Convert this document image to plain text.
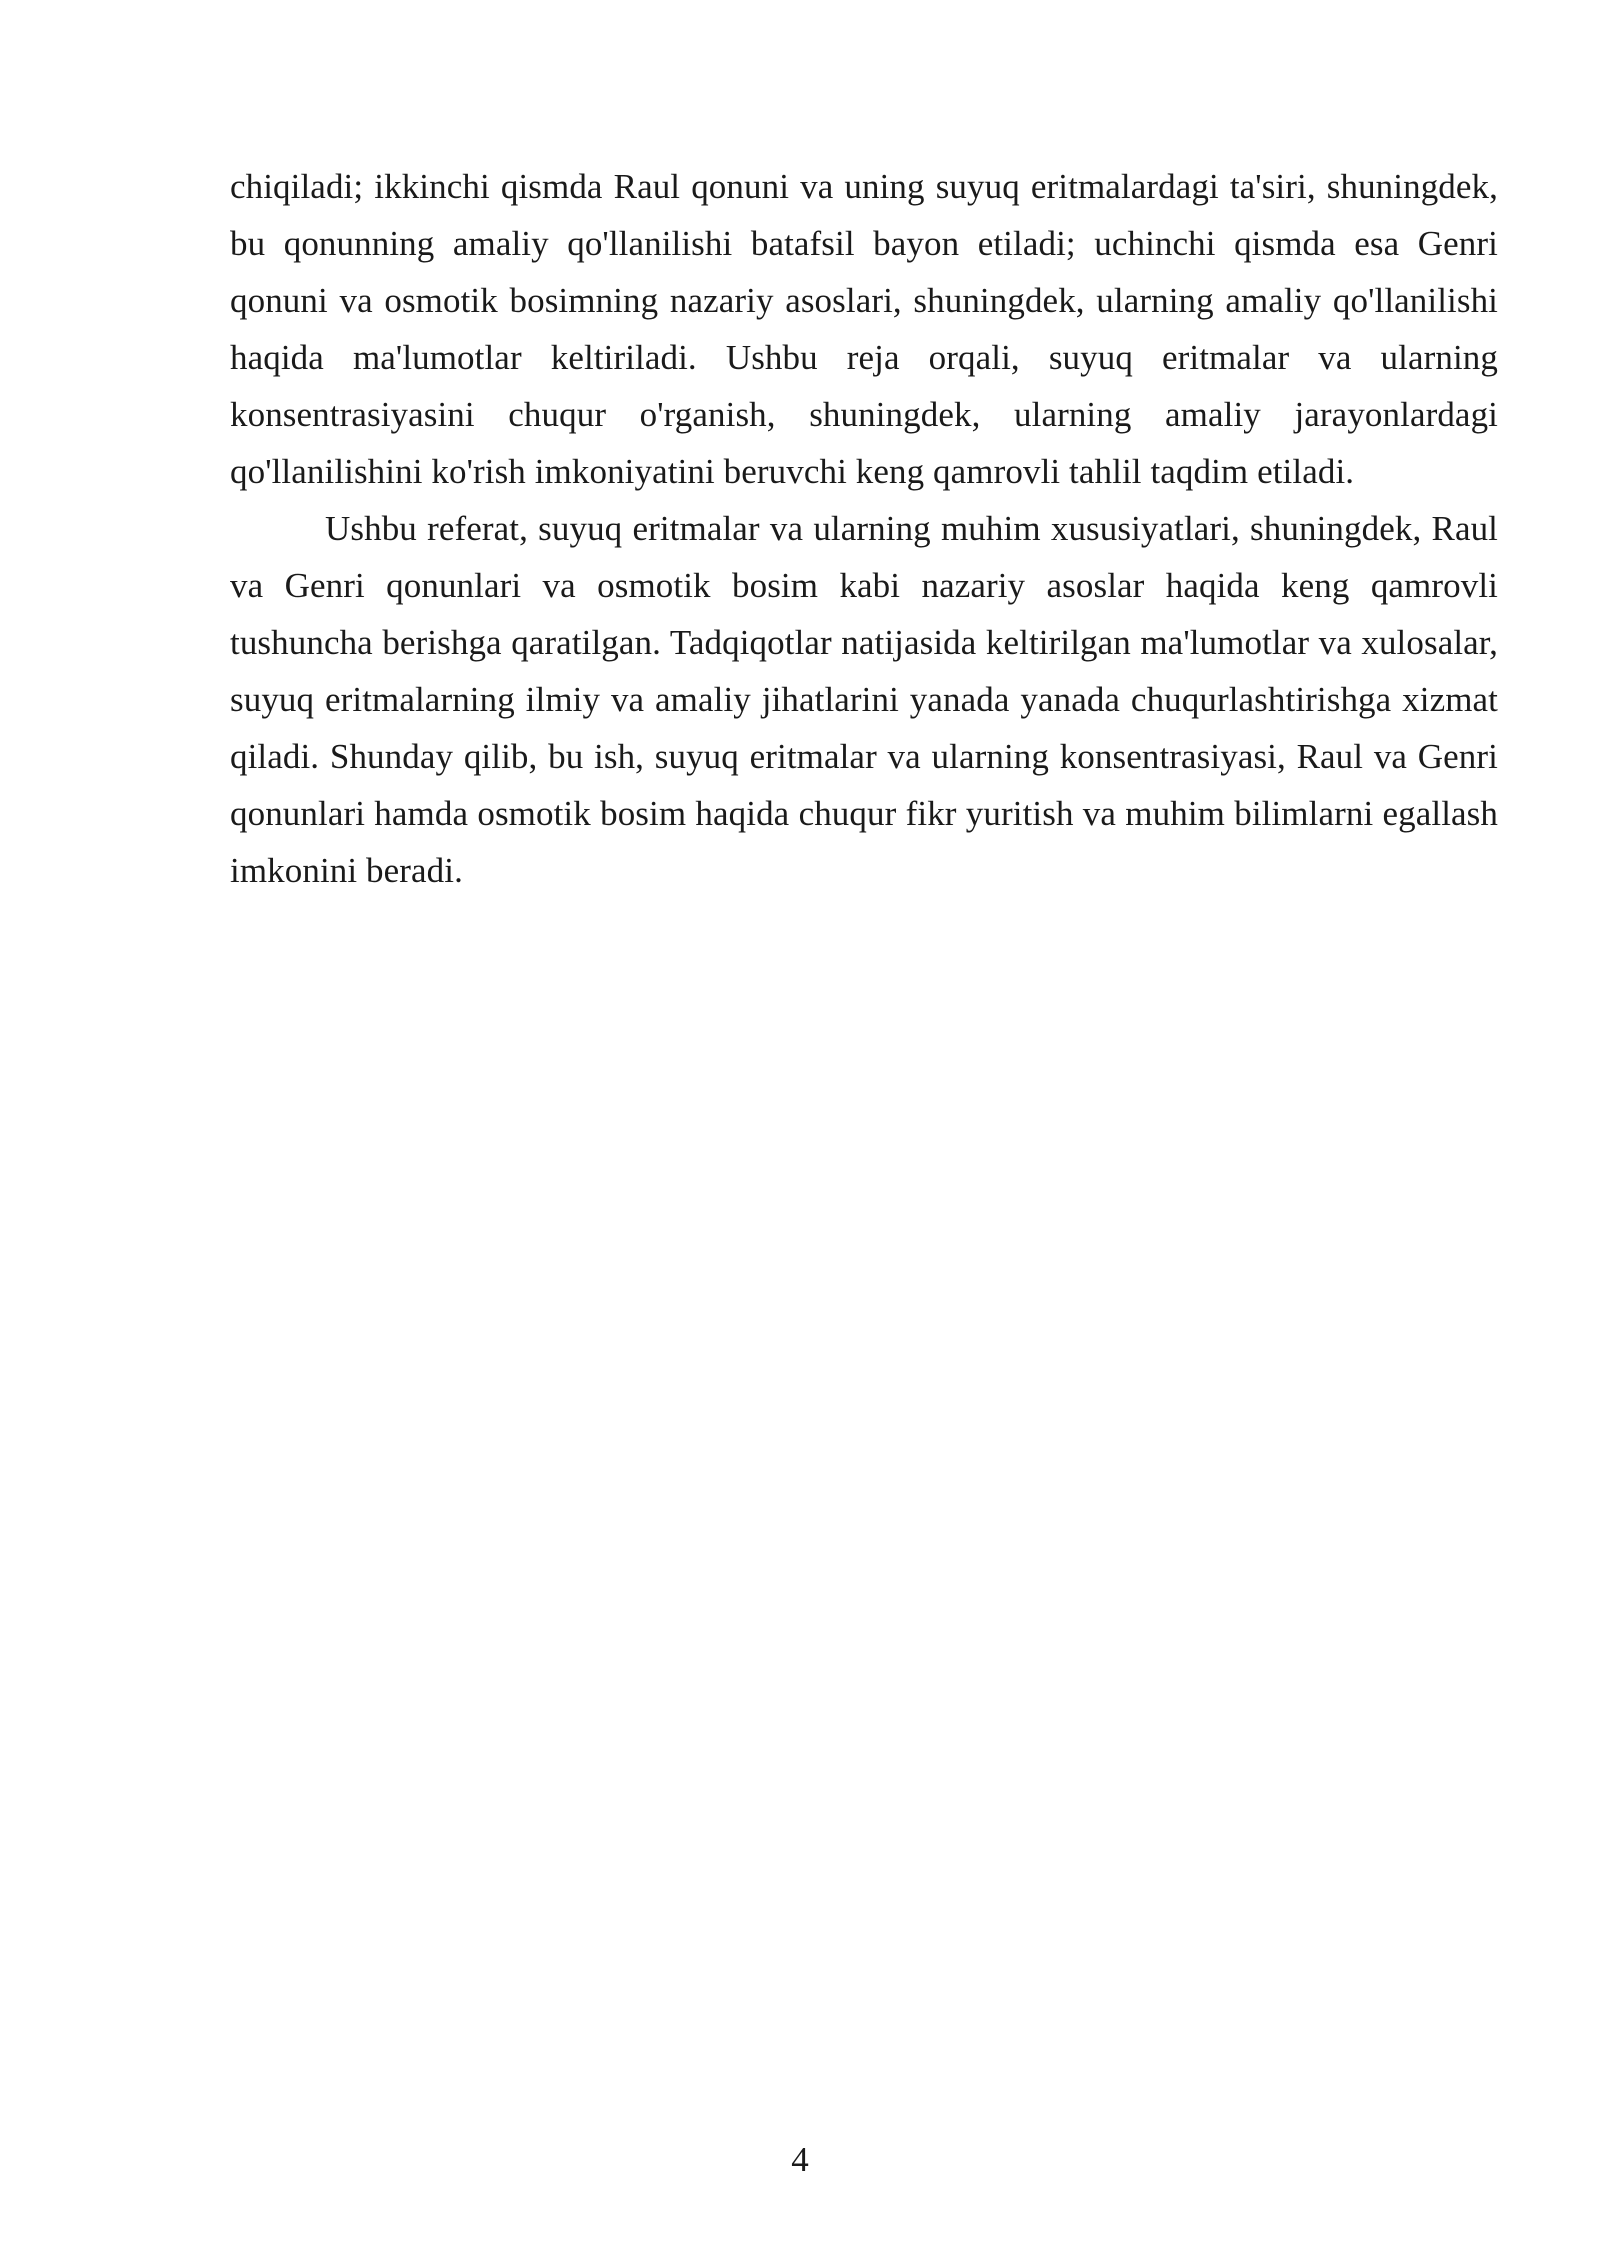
chiqiladi; ikkinchi qismda Raul qonuni va uning suyuq eritmalardagi ta'siri, shuningdek, bu qonunning amaliy qo'llanilishi batafsil bayon etiladi; uchinchi qismda esa Genri qonuni va osmotik bosimning nazariy asoslari, shuningdek, ularning amaliy qo'llanilishi haqida ma'lumotlar keltiriladi. Ushbu reja orqali, suyuq eritmalar va ularning konsentrasiyasini chuqur o'rganish, shuningdek, ularning amaliy jarayonlardagi qo'llanilishini ko'rish imkoniyatini beruvchi keng qamrovli tahlil taqdim etiladi.

Ushbu referat, suyuq eritmalar va ularning muhim xususiyatlari, shuningdek, Raul va Genri qonunlari va osmotik bosim kabi nazariy asoslar haqida keng qamrovli tushuncha berishga qaratilgan. Tadqiqotlar natijasida keltirilgan ma'lumotlar va xulosalar, suyuq eritmalarning ilmiy va amaliy jihatlarini yanada yanada chuqurlashtirishga xizmat qiladi. Shunday qilib, bu ish, suyuq eritmalar va ularning konsentrasiyasi, Raul va Genri qonunlari hamda osmotik bosim haqida chuqur fikr yuritish va muhim bilimlarni egallash imkonini beradi.

4
